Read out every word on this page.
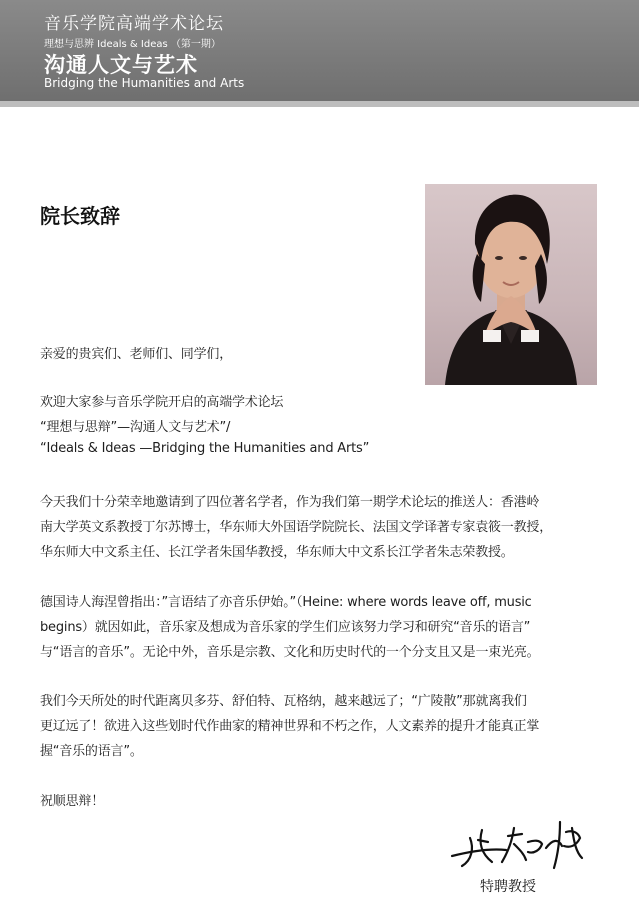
音乐学院高端学术论坛
理想与思辨 Ideals & Ideas （第一期）
沟通人文与艺术
Bridging the Humanities and Arts
院长致辞
亲爱的贵宾们、老师们、同学们，
欢迎大家参与音乐学院开启的高端学术论坛
“理想与思辩”—沟通人文与艺术”/
“Ideals & Ideas —Bridging the Humanities and Arts”
今天我们十分荣幸地邀请到了四位著名学者，作为我们第一期学术论坛的推送人：香港岭
南大学英文系教授丁尔苏博士，华东师大外国语学院院长、法国文学译著专家袁筱一教授，
华东师大中文系主任、长江学者朱国华教授，华东师大中文系长江学者朱志荣教授。
德国诗人海涅曾指出：”言语结了亦音乐伊始。”（Heine: where words leave off, music
begins）就因如此，音乐家及想成为音乐家的学生们应该努力学习和研究“音乐的语言”
与“语言的音乐”。无论中外，音乐是宗教、文化和历史时代的一个分支且又是一束光亮。
我们今天所处的时代距离贝多芬、舒伯特、瓦格纳，越来越远了；“广陵散”那就离我们
更辽远了！欲进入这些划时代作曲家的精神世界和不朽之作，人文素养的提升才能真正掌
握“音乐的语言”。
祝顺思辩！
特聘教授
